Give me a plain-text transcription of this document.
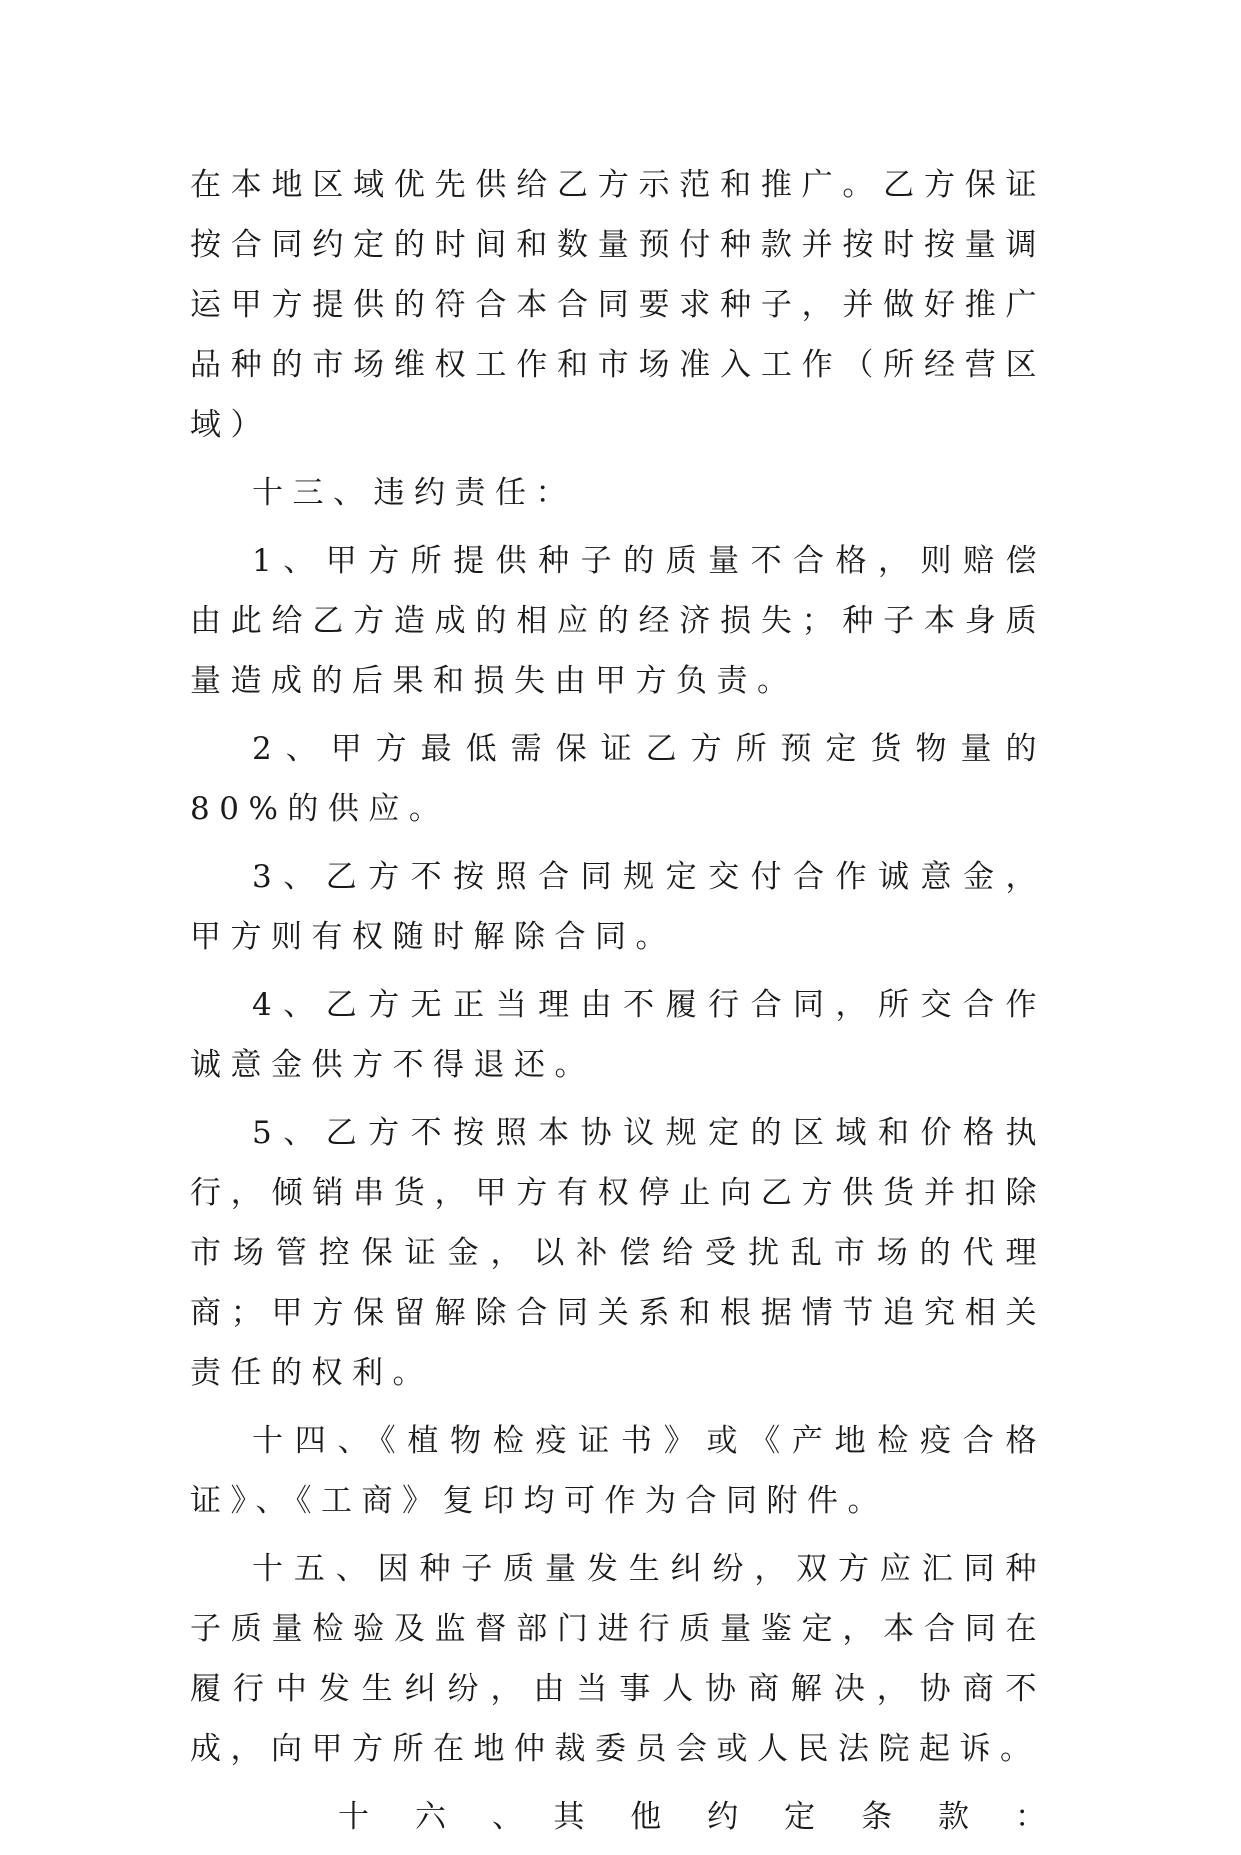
在本地区域优先供给乙方示范和推广。乙方保证按合同约定的时间和数量预付种款并按时按量调运甲方提供的符合本合同要求种子，并做好推广品种的市场维权工作和市场准入工作（所经营区域）

十三、违约责任：

1、甲方所提供种子的质量不合格，则赔偿由此给乙方造成的相应的经济损失；种子本身质量造成的后果和损失由甲方负责。

2、甲方最低需保证乙方所预定货物量的80%的供应。

3、乙方不按照合同规定交付合作诚意金，甲方则有权随时解除合同。

4、乙方无正当理由不履行合同，所交合作诚意金供方不得退还。

5、乙方不按照本协议规定的区域和价格执行，倾销串货，甲方有权停止向乙方供货并扣除市场管控保证金，以补偿给受扰乱市场的代理商；甲方保留解除合同关系和根据情节追究相关责任的权利。

十四、《植物检疫证书》或《产地检疫合格证》、《工商》复印均可作为合同附件。

十五、因种子质量发生纠纷，双方应汇同种子质量检验及监督部门进行质量鉴定，本合同在履行中发生纠纷，由当事人协商解决，协商不成，向甲方所在地仲裁委员会或人民法院起诉。

十　六　、　其　他　约　定　条　款　：
